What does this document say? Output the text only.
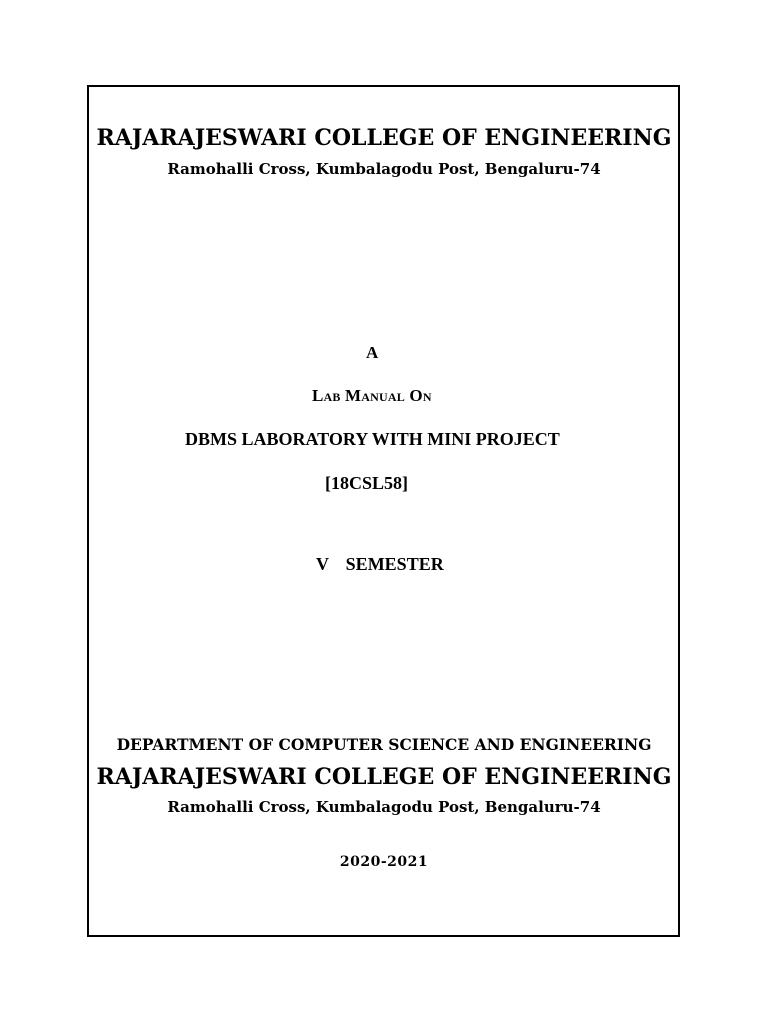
RAJARAJESWARI COLLEGE OF ENGINEERING
Ramohalli Cross, Kumbalagodu Post, Bengaluru-74
A
Lab Manual On
DBMS LABORATORY WITH MINI PROJECT
[18CSL58]
V  SEMESTER
DEPARTMENT OF COMPUTER SCIENCE AND ENGINEERING
RAJARAJESWARI COLLEGE OF ENGINEERING
Ramohalli Cross, Kumbalagodu Post, Bengaluru-74
2020-2021
